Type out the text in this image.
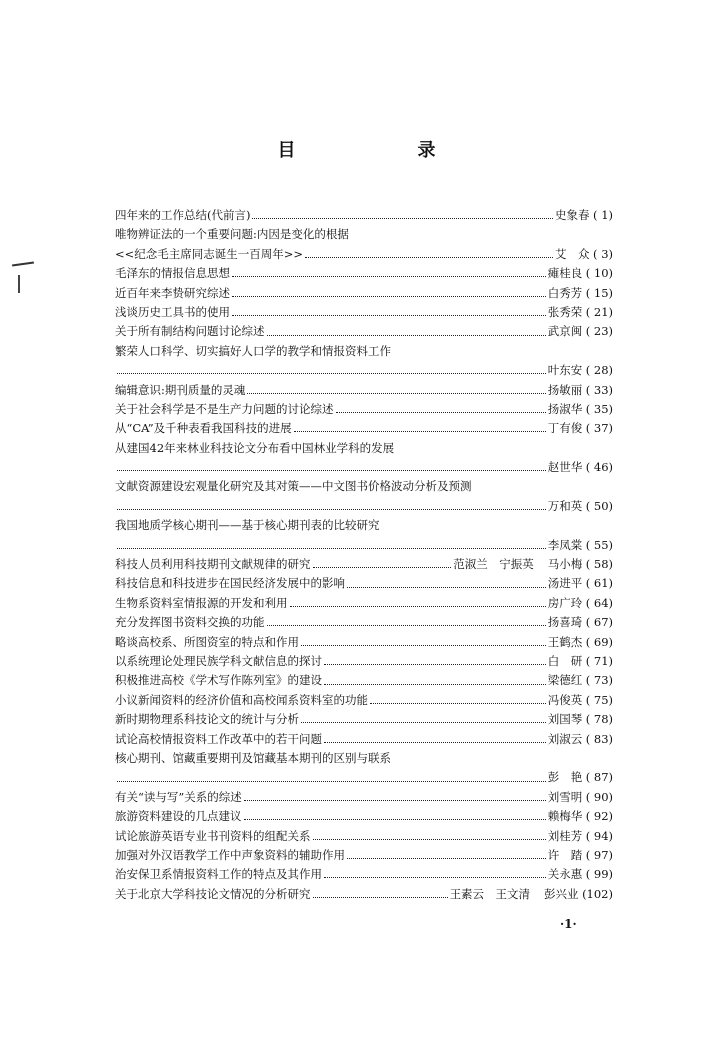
目　录
四年来的工作总结(代前言)	史象春 ( 1)
唯物辨证法的一个重要问题:内因是变化的根据
<<纪念毛主席同志诞生一百周年>>	艾　众 ( 3)
毛泽东的情报信息思想	瘫桂良 ( 10)
近百年来李贽研究综述	白秀芳 ( 15)
浅谈历史工具书的使用	张秀荣 ( 21)
关于所有制结构问题讨论综述	武京闽 ( 23)
繁荣人口科学、切实搞好人口学的教学和情报资料工作
叶东安 ( 28)
编辑意识:期刊质量的灵魂	扬敏丽 ( 33)
关于社会科学是不是生产力问题的讨论综述	扬淑华 ( 35)
从“CA”及千种表看我国科技的进展	丁有俊 ( 37)
从建国42年来林业科技论文分布看中国林业学科的发展
赵世华 ( 46)
文献资源建设宏观量化研究及其对策——中文图书价格波动分析及预测
万和英 ( 50)
我国地质学核心期刊——基于核心期刊表的比较研究
李凤棠 ( 55)
科技人员利用科技期刊文献规律的研究	范淑兰　宁振英 马小梅 ( 58)
科技信息和科技进步在国民经济发展中的影响	汤进平 ( 61)
生物系资料室情报源的开发和利用	房广玲 ( 64)
充分发挥图书资料交换的功能	扬喜琦 ( 67)
略谈高校系、所图资室的特点和作用	王鹤杰 ( 69)
以系统理论处理民族学科文献信息的探讨	白　研 ( 71)
积极推进高校《学术写作陈列室》的建设	梁德红 ( 73)
小议新闻资料的经济价值和高校闻系资料室的功能	冯俊英 ( 75)
新时期物理系科技论文的统计与分析	刘国琴 ( 78)
试论高校情报资料工作改革中的若干问题	刘淑云 ( 83)
核心期刊、馆藏重要期刊及馆藏基本期刊的区别与联系
彭　艳 ( 87)
有关“读与写”关系的综述	刘雪明 ( 90)
旅游资料建设的几点建议	赖梅华 ( 92)
试论旅游英语专业书刊资料的组配关系	刘桂芳 ( 94)
加强对外汉语教学工作中声象资料的辅助作用	许　踏 ( 97)
治安保卫系情报资料工作的特点及其作用	关永惠 ( 99)
关于北京大学科技论文情况的分析研究	王素云　王文清 彭兴业 (102)
·1·
